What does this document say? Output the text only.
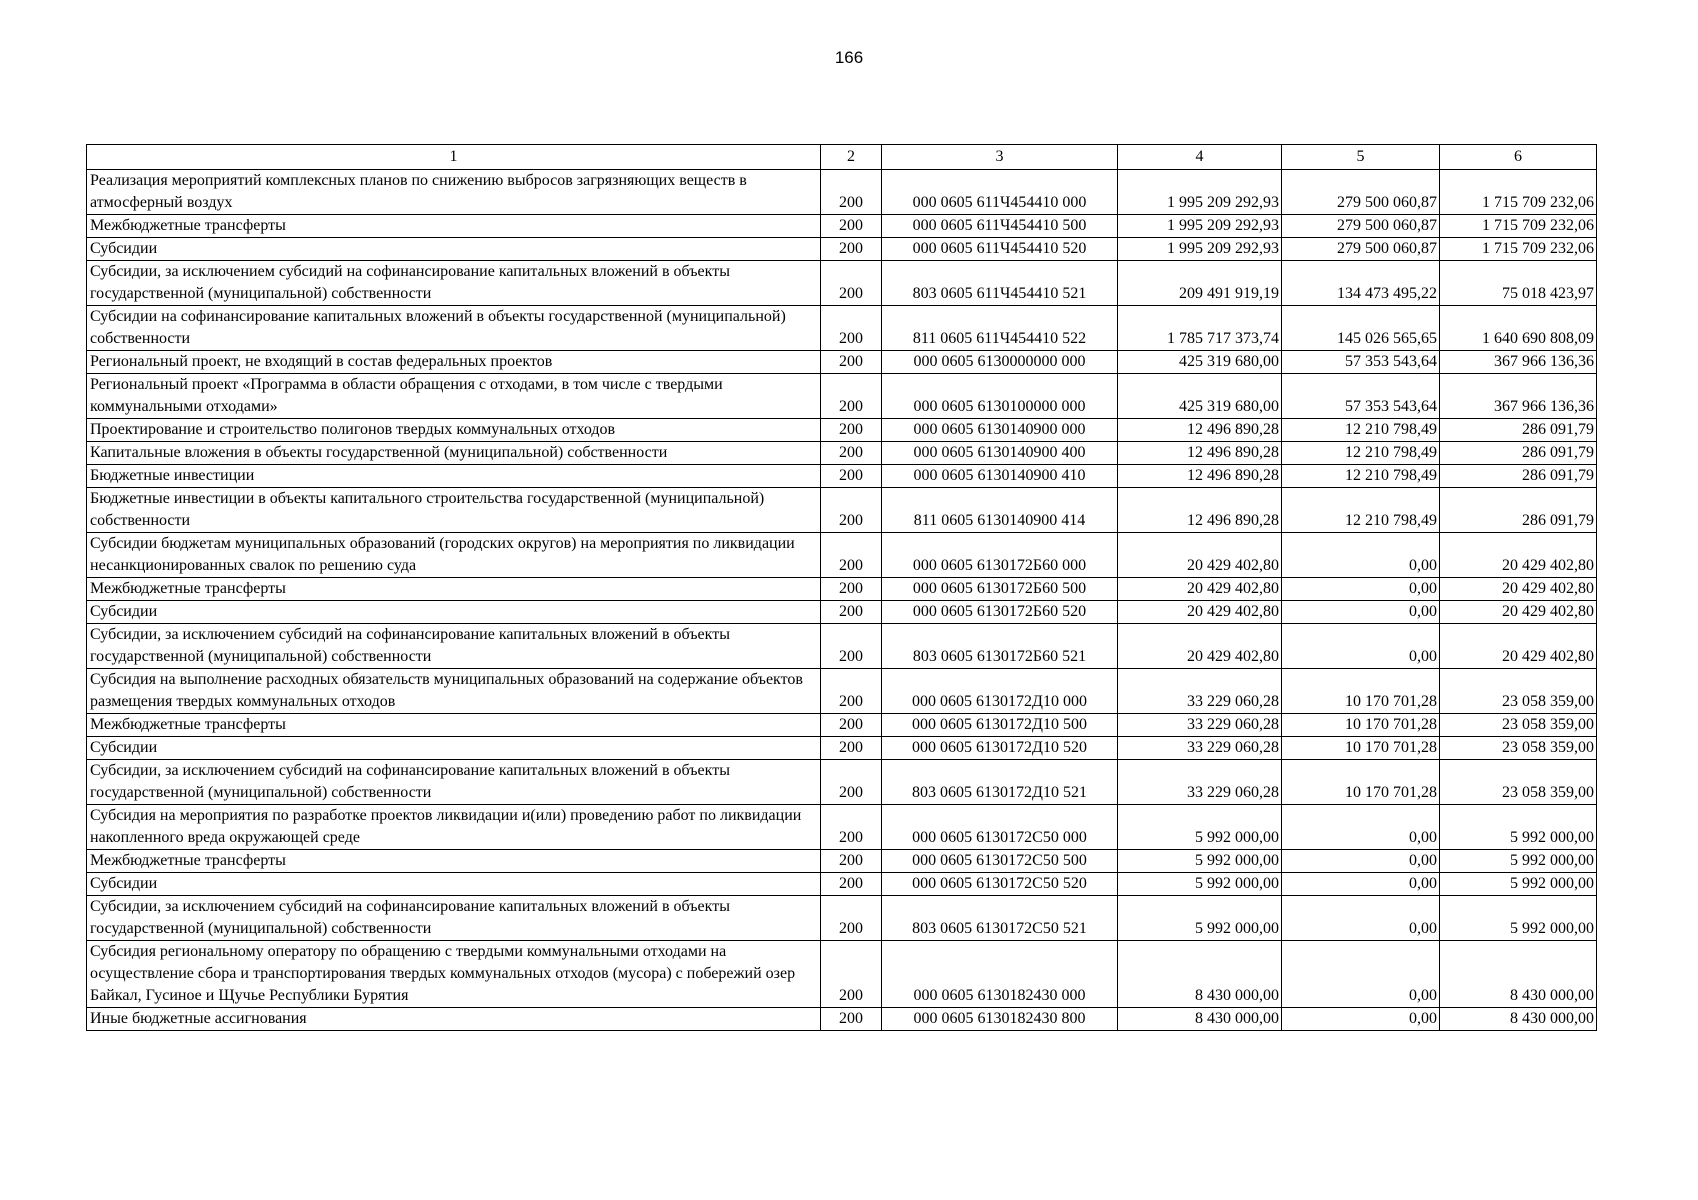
166
1	2	3	4	5	6
Реализация мероприятий комплексных планов по снижению выбросов загрязняющих веществ в атмосферный воздух	200	000 0605 611Ч454410 000	1 995 209 292,93	279 500 060,87	1 715 709 232,06
Межбюджетные трансферты	200	000 0605 611Ч454410 500	1 995 209 292,93	279 500 060,87	1 715 709 232,06
Субсидии	200	000 0605 611Ч454410 520	1 995 209 292,93	279 500 060,87	1 715 709 232,06
Субсидии, за исключением субсидий на софинансирование капитальных вложений в объекты государственной (муниципальной) собственности	200	803 0605 611Ч454410 521	209 491 919,19	134 473 495,22	75 018 423,97
Субсидии на софинансирование капитальных вложений в объекты государственной (муниципальной) собственности	200	811 0605 611Ч454410 522	1 785 717 373,74	145 026 565,65	1 640 690 808,09
Региональный проект, не входящий в состав федеральных проектов	200	000 0605 6130000000 000	425 319 680,00	57 353 543,64	367 966 136,36
Региональный проект «Программа в области обращения с отходами, в том числе с твердыми коммунальными отходами»	200	000 0605 6130100000 000	425 319 680,00	57 353 543,64	367 966 136,36
Проектирование и строительство полигонов твердых коммунальных отходов	200	000 0605 6130140900 000	12 496 890,28	12 210 798,49	286 091,79
Капитальные вложения в объекты государственной (муниципальной) собственности	200	000 0605 6130140900 400	12 496 890,28	12 210 798,49	286 091,79
Бюджетные инвестиции	200	000 0605 6130140900 410	12 496 890,28	12 210 798,49	286 091,79
Бюджетные инвестиции в объекты капитального строительства государственной (муниципальной) собственности	200	811 0605 6130140900 414	12 496 890,28	12 210 798,49	286 091,79
Субсидии бюджетам муниципальных образований (городских округов) на мероприятия по ликвидации несанкционированных свалок по решению суда	200	000 0605 6130172Б60 000	20 429 402,80	0,00	20 429 402,80
Межбюджетные трансферты	200	000 0605 6130172Б60 500	20 429 402,80	0,00	20 429 402,80
Субсидии	200	000 0605 6130172Б60 520	20 429 402,80	0,00	20 429 402,80
Субсидии, за исключением субсидий на софинансирование капитальных вложений в объекты государственной (муниципальной) собственности	200	803 0605 6130172Б60 521	20 429 402,80	0,00	20 429 402,80
Субсидия на выполнение расходных обязательств муниципальных образований на содержание объектов размещения твердых коммунальных отходов	200	000 0605 6130172Д10 000	33 229 060,28	10 170 701,28	23 058 359,00
Межбюджетные трансферты	200	000 0605 6130172Д10 500	33 229 060,28	10 170 701,28	23 058 359,00
Субсидии	200	000 0605 6130172Д10 520	33 229 060,28	10 170 701,28	23 058 359,00
Субсидии, за исключением субсидий на софинансирование капитальных вложений в объекты государственной (муниципальной) собственности	200	803 0605 6130172Д10 521	33 229 060,28	10 170 701,28	23 058 359,00
Субсидия на мероприятия по разработке проектов ликвидации и(или) проведению работ по ликвидации накопленного вреда окружающей среде	200	000 0605 6130172С50 000	5 992 000,00	0,00	5 992 000,00
Межбюджетные трансферты	200	000 0605 6130172С50 500	5 992 000,00	0,00	5 992 000,00
Субсидии	200	000 0605 6130172С50 520	5 992 000,00	0,00	5 992 000,00
Субсидии, за исключением субсидий на софинансирование капитальных вложений в объекты государственной (муниципальной) собственности	200	803 0605 6130172С50 521	5 992 000,00	0,00	5 992 000,00
Субсидия региональному оператору по обращению с твердыми коммунальными отходами на осуществление сбора и транспортирования твердых коммунальных отходов (мусора) с побережий озер Байкал, Гусиное и Щучье Республики Бурятия	200	000 0605 6130182430 000	8 430 000,00	0,00	8 430 000,00
Иные бюджетные ассигнования	200	000 0605 6130182430 800	8 430 000,00	0,00	8 430 000,00
